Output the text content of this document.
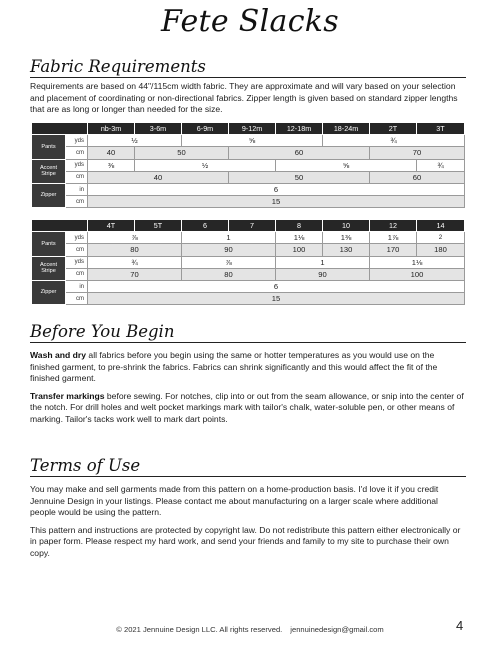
Fete Slacks
Fabric Requirements

Requirements are based on 44"/115cm width fabric. They are approximate and will vary based on your selection and placement of coordinating or non-directional fabrics. Zipper length is given based on standard zipper lengths that are as long or longer than needed for the size.

		nb-3m	3-6m	6-9m	9-12m	12-18m	18-24m	2T	3T
Pants	yds	½		⅝			¾		
	cm	40	50		60			70	
Accent Stripe	yds	⅜	½			⅝			¾
	cm	40			50			60	
Zipper	in	6							
	cm	15							
		4T	5T	6	7	8	10	12	14
Pants	yds	⅞		1		1⅛	1⅜	1⅞	2
	cm	80		90		100	130	170	180
Accent Stripe	yds	¾		⅞		1		1⅛	
	cm	70		80		90		100	
Zipper	in	6							
	cm	15							
Before You Begin

Wash and dry all fabrics before you begin using the same or hotter temperatures as you would use on the finished garment, to pre-shrink the fabrics. Fabrics can shrink significantly and this would affect the fit of the finished garment.

Transfer markings before sewing. For notches, clip into or out from the seam allowance, or snip into the center of the notch. For drill holes and welt pocket markings mark with tailor's chalk, water-soluble pen, or other means of marking. Tailor's tacks work well to mark dart points.

Terms of Use

You may make and sell garments made from this pattern on a home-production basis. I'd love it if you credit Jennuine Design in your listings. Please contact me about manufacturing on a larger scale where additional people would be using the pattern.

This pattern and instructions are protected by copyright law. Do not redistribute this pattern either electronically or in paper form. Please respect my hard work, and send your friends and family to my site to purchase their own copy.

© 2021 Jennuine Design LLC. All rights reserved. jennuinedesign@gmail.com	4
